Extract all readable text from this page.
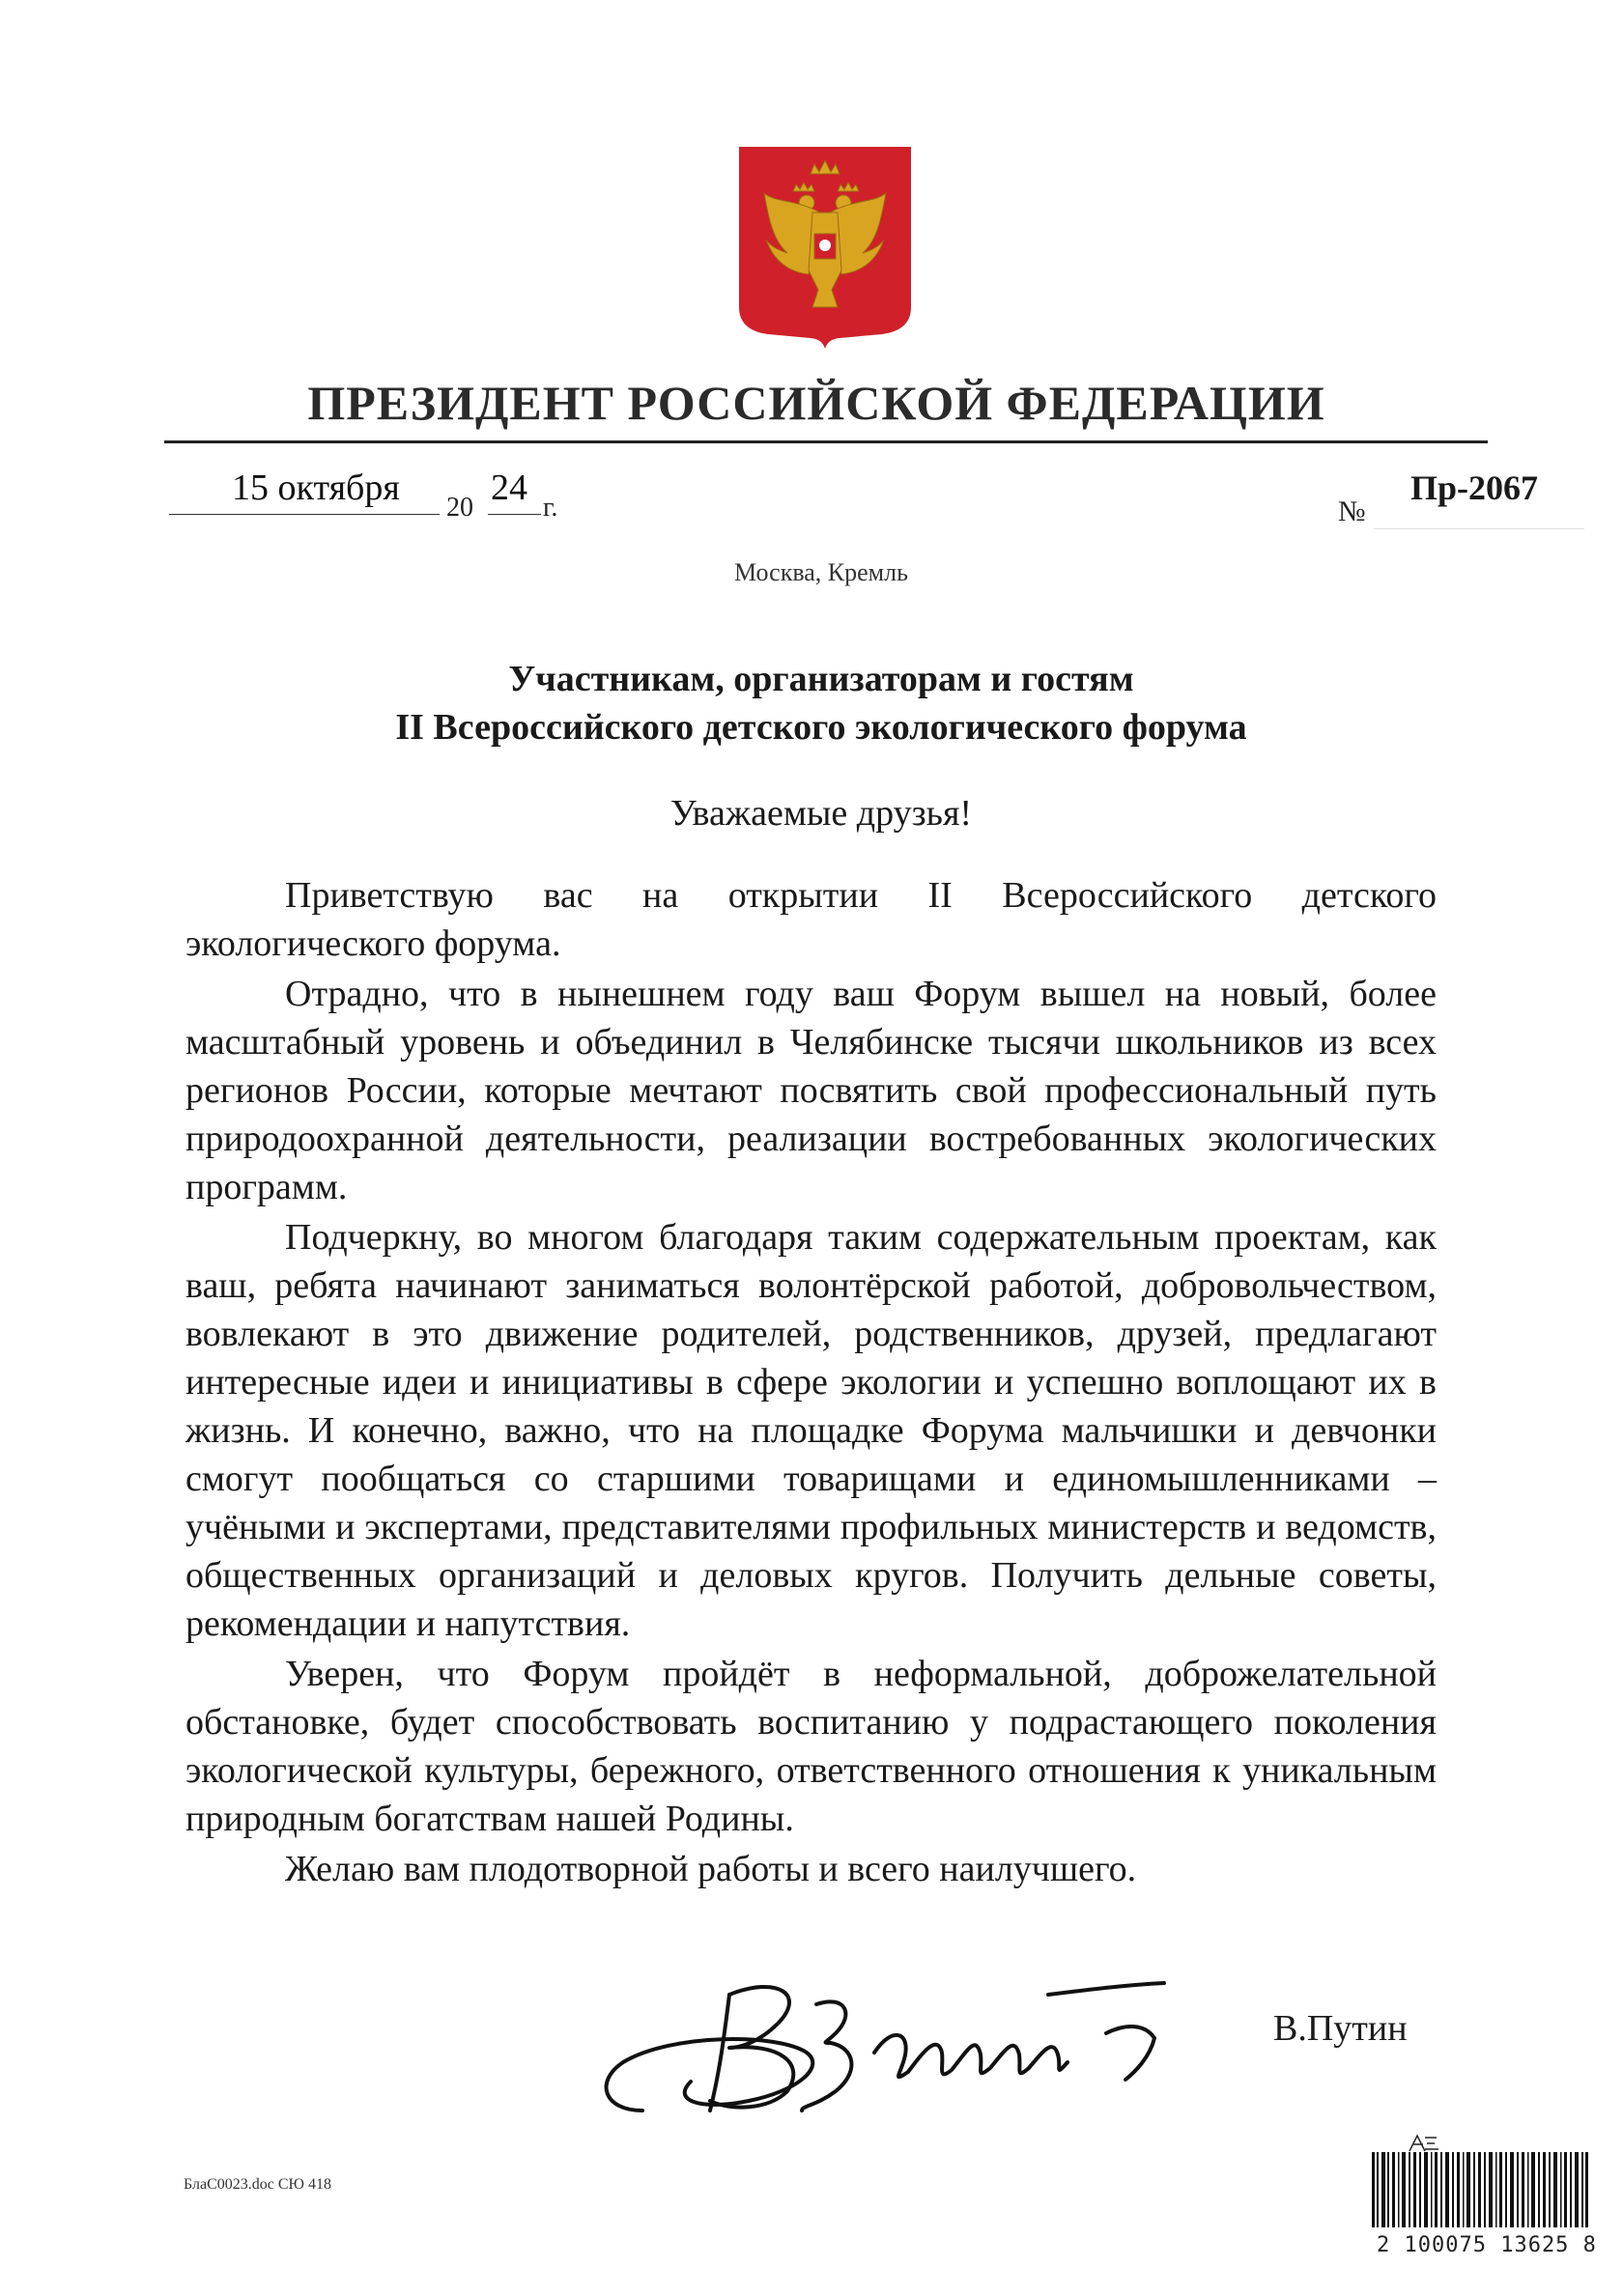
ПРЕЗИДЕНТ РОССИЙСКОЙ ФЕДЕРАЦИИ
15 октября 20 24 г.	№
Пр-2067
Москва, Кремль
Участникам, организаторам и гостям
II Всероссийского детского экологического форума
Уважаемые друзья!

Приветствую вас на открытии II Всероссийского детского экологического форума.

Отрадно, что в нынешнем году ваш Форум вышел на новый, более масштабный уровень и объединил в Челябинске тысячи школьников из всех регионов России, которые мечтают посвятить свой профессиональный путь природоохранной деятельности, реализации востребованных экологических программ.

Подчеркну, во многом благодаря таким содержательным проектам, как ваш, ребята начинают заниматься волонтёрской работой, добровольчеством, вовлекают в это движение родителей, родственников, друзей, предлагают интересные идеи и инициативы в сфере экологии и успешно воплощают их в жизнь. И конечно, важно, что на площадке Форума мальчишки и девчонки смогут пообщаться со старшими товарищами и единомышленниками – учёными и экспертами, представителями профильных министерств и ведомств, общественных организаций и деловых кругов. Получить дельные советы, рекомендации и напутствия.

Уверен, что Форум пройдёт в неформальной, доброжелательной обстановке, будет способствовать воспитанию у подрастающего поколения экологической культуры, бережного, ответственного отношения к уникальным природным богатствам нашей Родины.

Желаю вам плодотворной работы и всего наилучшего.

В.Путин
БлаС0023.doc СЮ 418
2 100075 13625 8
